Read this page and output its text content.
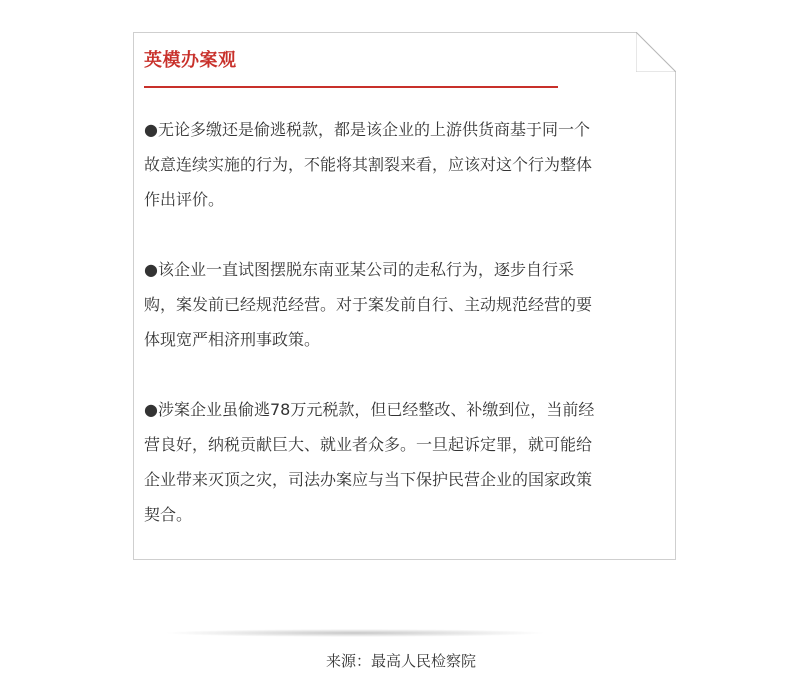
英模办案观
●无论多缴还是偷逃税款，都是该企业的上游供货商基于同一个
故意连续实施的行为，不能将其割裂来看，应该对这个行为整体
作出评价。
●该企业一直试图摆脱东南亚某公司的走私行为，逐步自行采
购，案发前已经规范经营。对于案发前自行、主动规范经营的要
体现宽严相济刑事政策。
●涉案企业虽偷逃78万元税款，但已经整改、补缴到位，当前经
营良好，纳税贡献巨大、就业者众多。一旦起诉定罪，就可能给
企业带来灭顶之灾，司法办案应与当下保护民营企业的国家政策
契合。
来源：最高人民检察院
